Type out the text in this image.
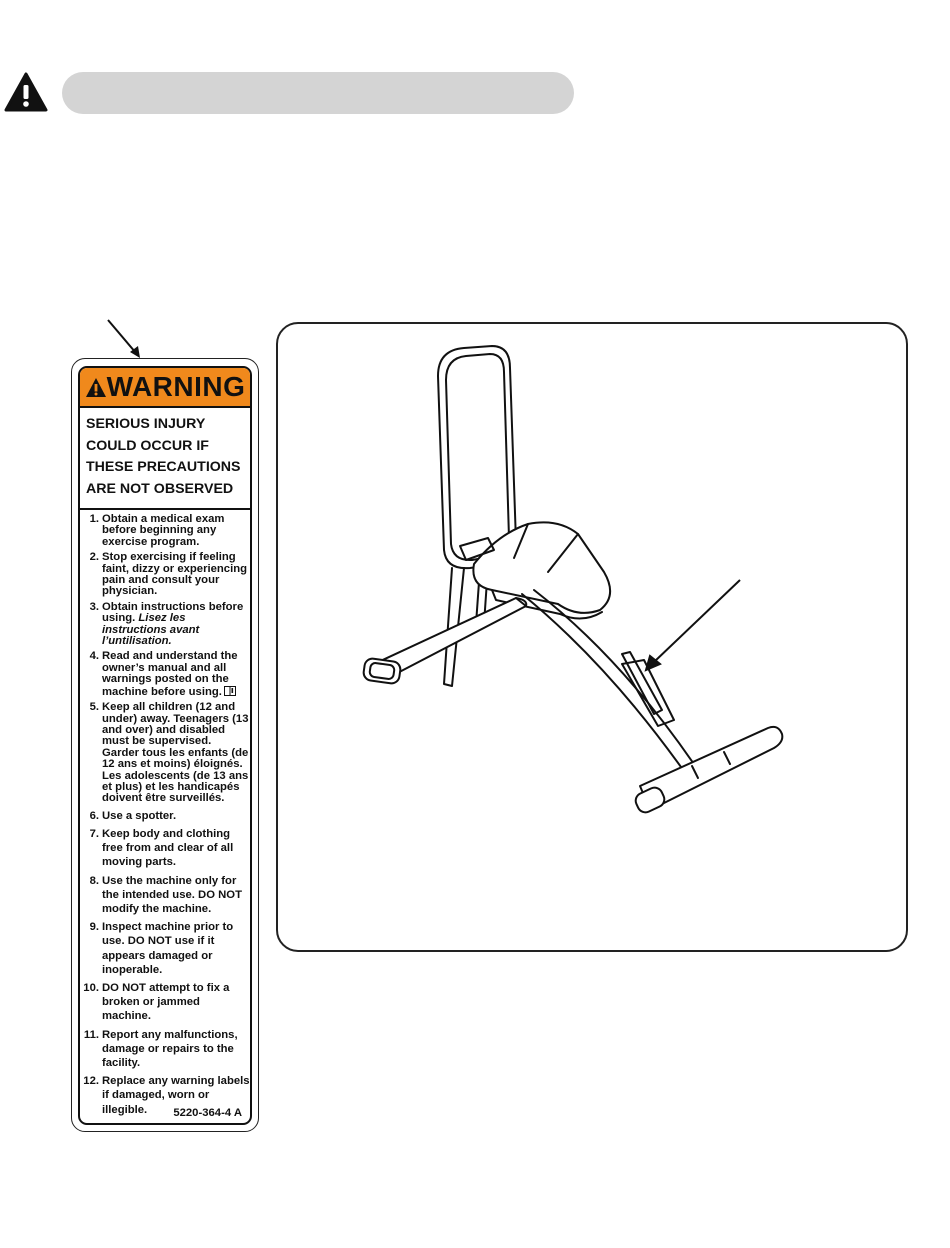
WARNING
SERIOUS INJURY
COULD OCCUR IF
THESE PRECAUTIONS
ARE NOT OBSERVED
1. Obtain a medical exam before beginning any exercise program.
2. Stop exercising if feeling faint, dizzy or experiencing pain and consult your physician.
3. Obtain instructions before using. Lisez les instructions avant l’untilisation.
4. Read and understand the owner’s manual and all warnings posted on the machine before using.
5. Keep all children (12 and under) away. Teenagers (13 and over) and disabled must be supervised. Garder tous les enfants (de 12 ans et moins) éloignés. Les adolescents (de 13 ans et plus) et les handicapés doivent être surveillés.
6. Use a spotter.
7. Keep body and clothing free from and clear of all moving parts.
8. Use the machine only for the intended use. DO NOT modify the machine.
9. Inspect machine prior to use. DO NOT use if it appears damaged or inoperable.
10. DO NOT attempt to fix a broken or jammed machine.
11. Report any malfunctions, damage or repairs to the facility.
12. Replace any warning labels if damaged, worn or illegible.	5220-364-4 A
